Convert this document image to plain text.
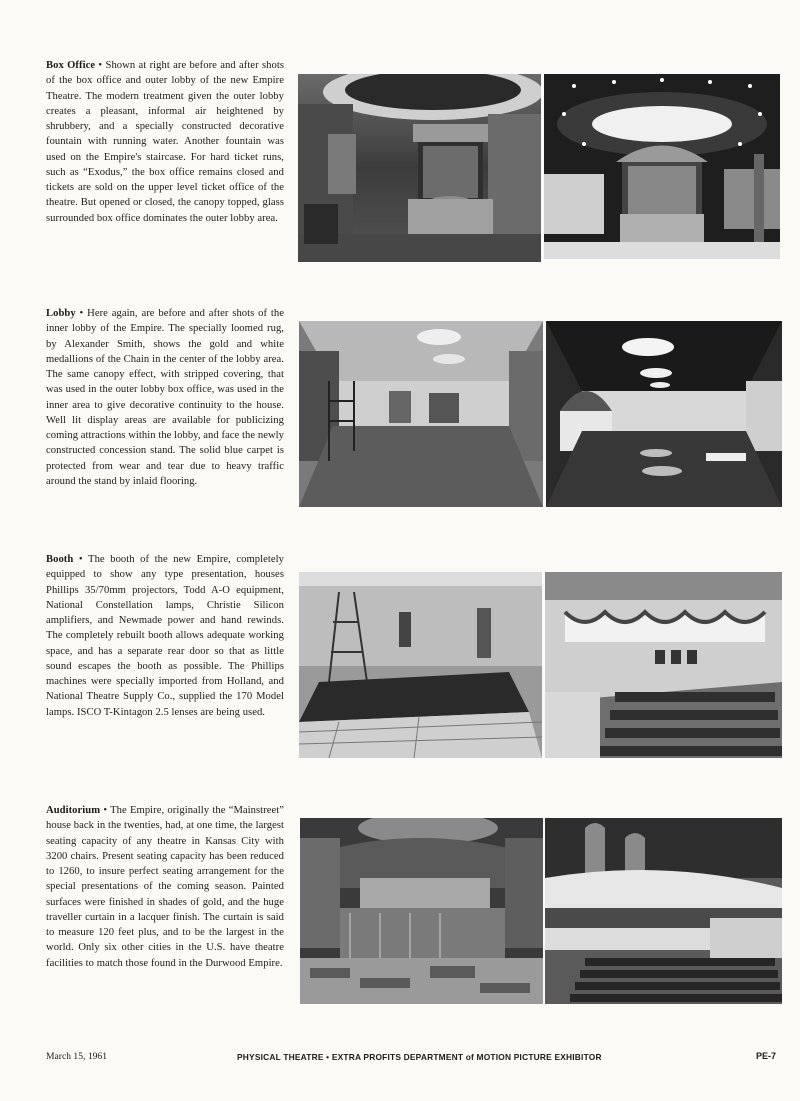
Box Office • Shown at right are before and after shots of the box office and outer lobby of the new Empire Theatre. The modern treatment given the outer lobby creates a pleasant, informal air heightened by shrubbery, and a specially constructed decorative fountain with running water. Another fountain was used on the Empire's staircase. For hard ticket runs, such as “Exodus,” the box office remains closed and tickets are sold on the upper level ticket office of the theatre. But opened or closed, the canopy topped, glass surrounded box office dominates the outer lobby area.
Lobby • Here again, are before and after shots of the inner lobby of the Empire. The specially loomed rug, by Alexander Smith, shows the gold and white medallions of the Chain in the center of the lobby area. The same canopy effect, with stripped covering, that was used in the outer lobby box office, was used in the inner area to give decorative continuity to the house. Well lit display areas are available for publicizing coming attractions within the lobby, and face the newly constructed concession stand. The solid blue carpet is protected from wear and tear due to heavy traffic around the stand by inlaid flooring.
Booth • The booth of the new Empire, completely equipped to show any type presentation, houses Phillips 35/70mm projectors, Todd A-O equipment, National Constellation lamps, Christie Silicon amplifiers, and Newmade power and hand rewinds. The completely rebuilt booth allows adequate working space, and has a separate rear door so that as little sound escapes the booth as possible. The Phillips machines were specially imported from Holland, and National Theatre Supply Co., supplied the 170 Model lamps. ISCO T-Kintagon 2.5 lenses are being used.
Auditorium • The Empire, originally the “Mainstreet” house back in the twenties, had, at one time, the largest seating capacity of any theatre in Kansas City with 3200 chairs. Present seating capacity has been reduced to 1260, to insure perfect seating arrangement for the special presentations of the coming season. Painted surfaces were finished in shades of gold, and the huge traveller curtain in a lacquer finish. The curtain is said to measure 120 feet plus, and to be the largest in the world. Only six other cities in the U.S. have theatre facilities to match those found in the Durwood Empire.
March 15, 1961	PHYSICAL THEATRE • EXTRA PROFITS DEPARTMENT of MOTION PICTURE EXHIBITOR	PE-7
